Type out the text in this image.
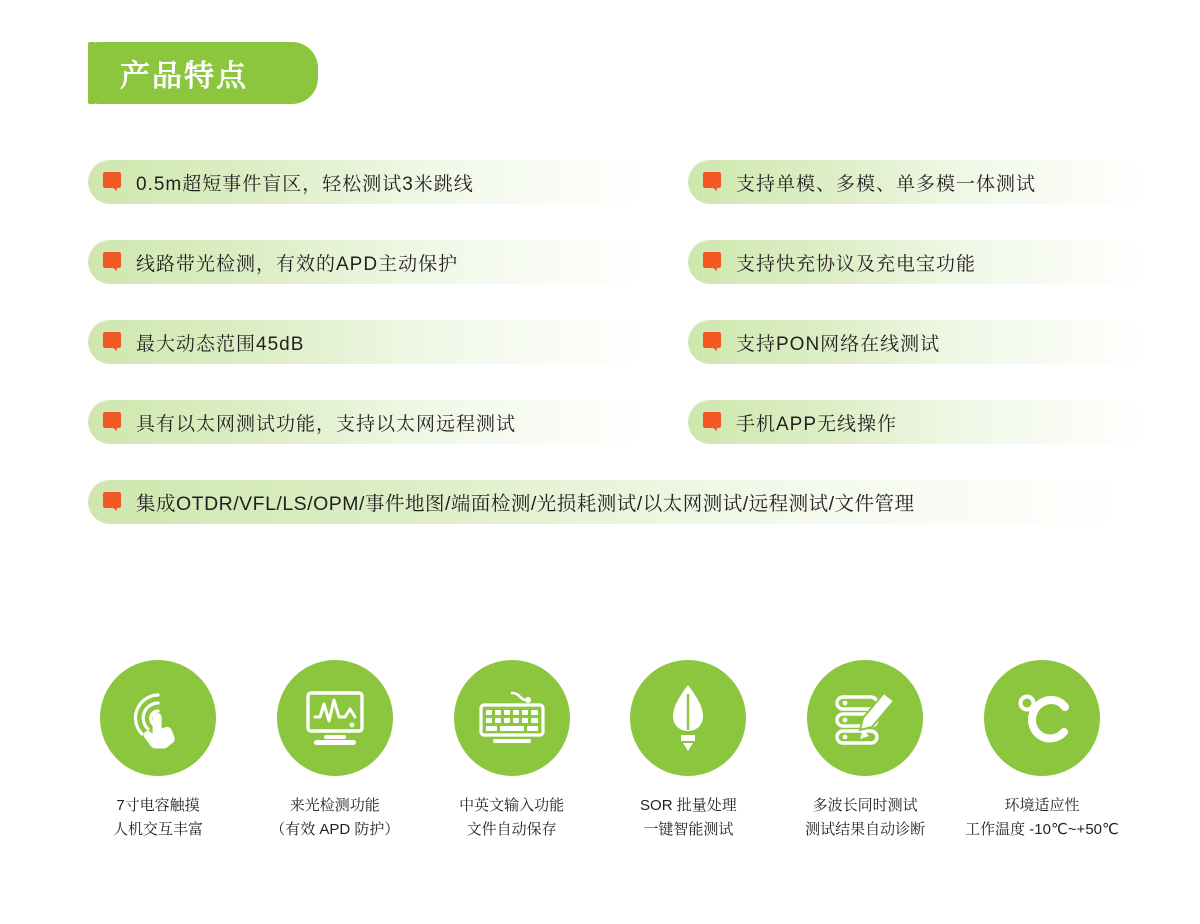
产品特点
0.5m超短事件盲区，轻松测试3米跳线
线路带光检测，有效的APD主动保护
最大动态范围45dB
具有以太网测试功能，支持以太网远程测试
支持单模、多模、单多模一体测试
支持快充协议及充电宝功能
支持PON网络在线测试
手机APP无线操作
集成OTDR/VFL/LS/OPM/事件地图/端面检测/光损耗测试/以太网测试/远程测试/文件管理
7寸电容触摸
人机交互丰富
来光检测功能
（有效 APD 防护）
中英文输入功能
文件自动保存
SOR 批量处理
一键智能测试
多波长同时测试
测试结果自动诊断
环境适应性
工作温度 -10℃~+50℃
